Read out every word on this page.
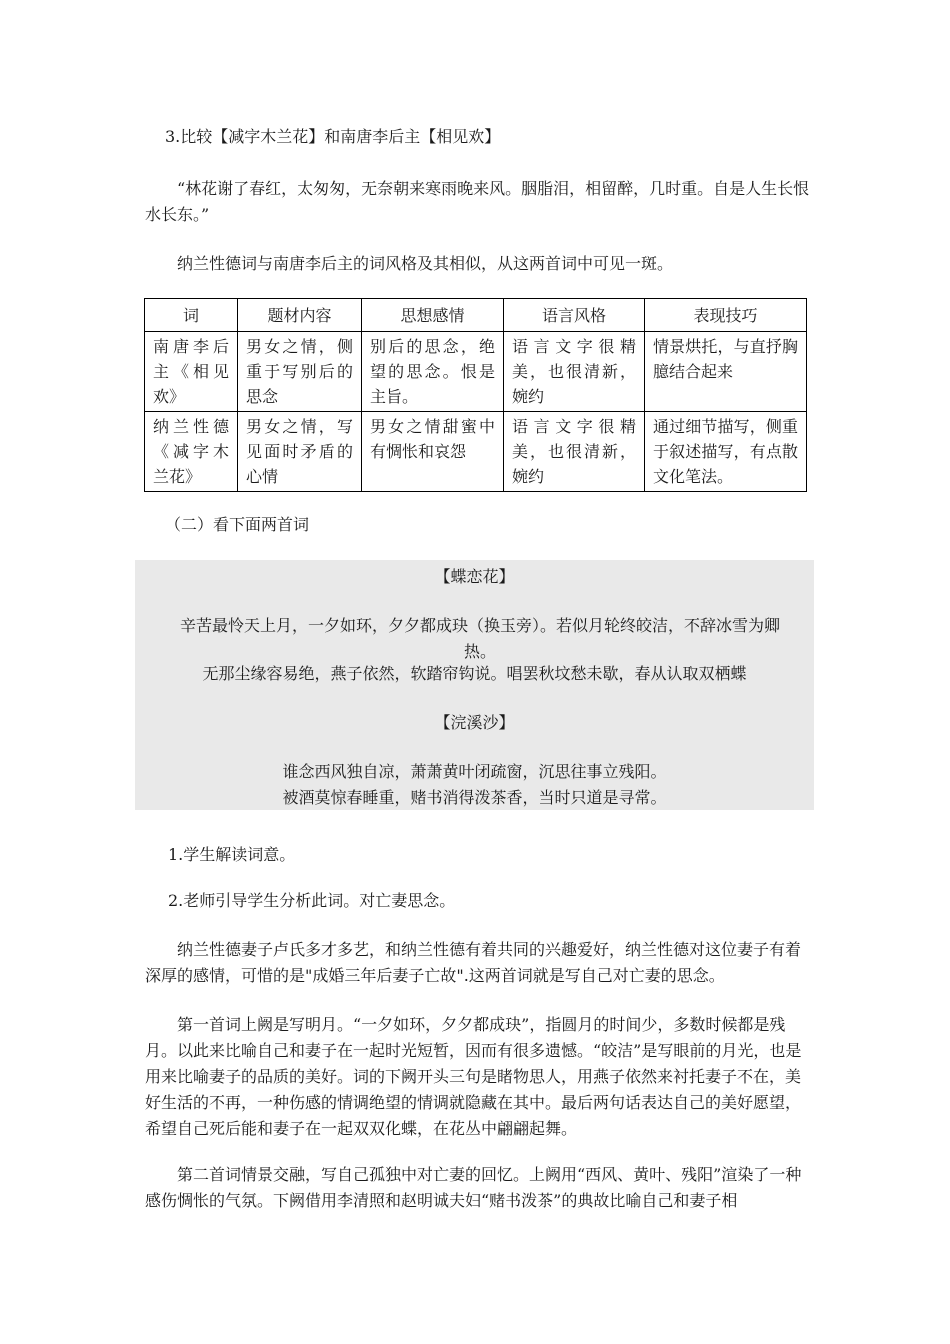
3.比较【减字木兰花】和南唐李后主【相见欢】

“林花谢了春红，太匆匆，无奈朝来寒雨晚来风。胭脂泪，相留醉，几时重。自是人生长恨水长东。”

纳兰性德词与南唐李后主的词风格及其相似，从这两首词中可见一斑。

词	题材内容	思想感情	语言风格	表现技巧
南唐李后主《相见欢》	男女之情，侧重于写别后的思念	别后的思念，绝望的思念。恨是主旨。	语言文字很精美，也很清新，婉约	情景烘托，与直抒胸臆结合起来
纳兰性德《减字木兰花》	男女之情，写见面时矛盾的心情	男女之情甜蜜中有惆怅和哀怨	语言文字很精美，也很清新，婉约	通过细节描写，侧重于叙述描写，有点散文化笔法。

（二）看下面两首词

【蝶恋花】
辛苦最怜天上月，一夕如环，夕夕都成玦（换玉旁）。若似月轮终皎洁，不辞冰雪为卿热。
无那尘缘容易绝，燕子依然，软踏帘钩说。唱罢秋坟愁未歇，春从认取双栖蝶
【浣溪沙】
谁念西风独自凉，萧萧黄叶闭疏窗，沉思往事立残阳。
被酒莫惊春睡重，赌书消得泼茶香，当时只道是寻常。

1.学生解读词意。

2.老师引导学生分析此词。对亡妻思念。

纳兰性德妻子卢氏多才多艺，和纳兰性德有着共同的兴趣爱好，纳兰性德对这位妻子有着深厚的感情，可惜的是"成婚三年后妻子亡故".这两首词就是写自己对亡妻的思念。

第一首词上阙是写明月。“一夕如环，夕夕都成玦”，指圆月的时间少，多数时候都是残月。以此来比喻自己和妻子在一起时光短暂，因而有很多遗憾。“皎洁”是写眼前的月光，也是用来比喻妻子的品质的美好。词的下阙开头三句是睹物思人，用燕子依然来衬托妻子不在，美好生活的不再，一种伤感的情调绝望的情调就隐藏在其中。最后两句话表达自己的美好愿望，希望自己死后能和妻子在一起双双化蝶，在花丛中翩翩起舞。

第二首词情景交融，写自己孤独中对亡妻的回忆。上阙用“西风、黄叶、残阳”渲染了一种感伤惆怅的气氛。下阙借用李清照和赵明诚夫妇“赌书泼茶”的典故比喻自己和妻子相
